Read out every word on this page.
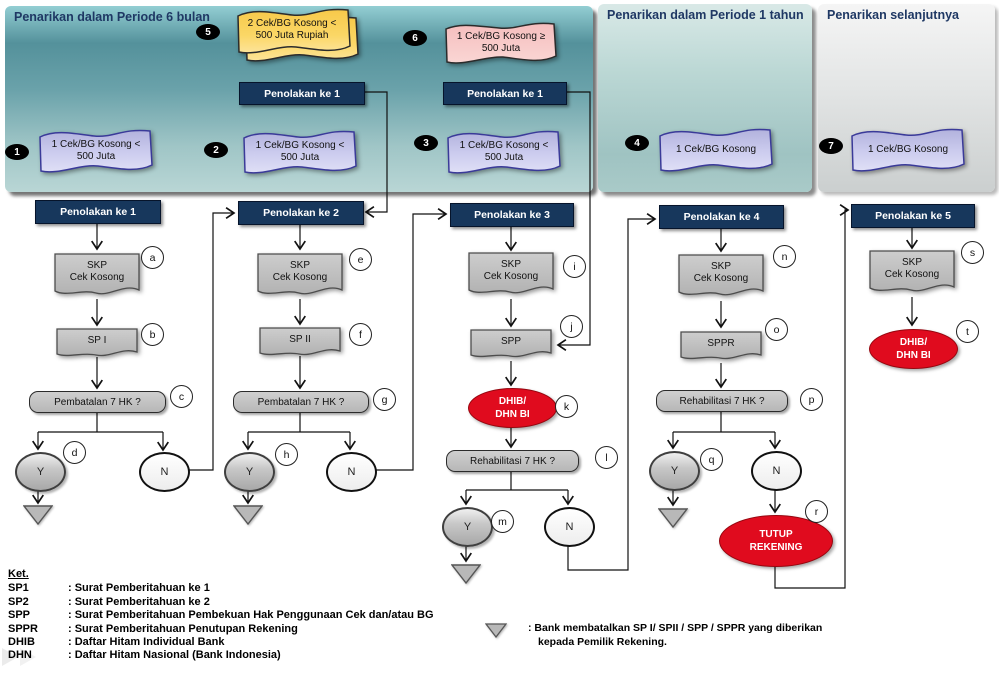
Penarikan dalam Periode 6 bulan	Penarikan dalam Periode 1 tahun Penarikan selanjutnya
1	2
3	4
5
6
7
1 Cek/BG Kosong < 500 Juta
1 Cek/BG Kosong < 500 Juta
1 Cek/BG Kosong < 500 Juta
1 Cek/BG Kosong	1 Cek/BG Kosong
2 Cek/BG Kosong < 500 Juta Rupiah	1 Cek/BG Kosong ≥ 500 Juta
Penolakan ke 1	Penolakan ke 1
Penolakan ke 1	Penolakan ke 2	Penolakan ke 3	Penolakan ke 4	Penolakan ke 5
SKP
Cek Kosong
SKP
Cek Kosong
SKP
Cek Kosong
SKP
Cek Kosong
SKP
Cek Kosong
SP I	SP II	SPP	SPPR
Pembatalan 7 HK ?	Pembatalan 7 HK ?
Rehabilitasi 7 HK ?
Rehabilitasi 7 HK ?
DHIB/
DHN BI
DHIB/
DHN BI
TUTUP
REKENING
Y	N	Y	N
Y	N
Y	N
a
b
c
d
e
f
g
h
i
j
k
l
m
n
o
p
q
r
s
t
Ket.
SP1	: Surat Pemberitahuan ke 1
SP2	: Surat Pemberitahuan ke 2
SPP	: Surat Pemberitahuan Pembekuan Hak Penggunaan Cek dan/atau BG
SPPR	: Surat Pemberitahuan Penutupan Rekening
DHIB	: Daftar Hitam Individual Bank
DHN	: Daftar Hitam Nasional (Bank Indonesia)
: Bank membatalkan SP I/ SPII / SPP / SPPR yang diberikan
kepada Pemilik Rekening.
